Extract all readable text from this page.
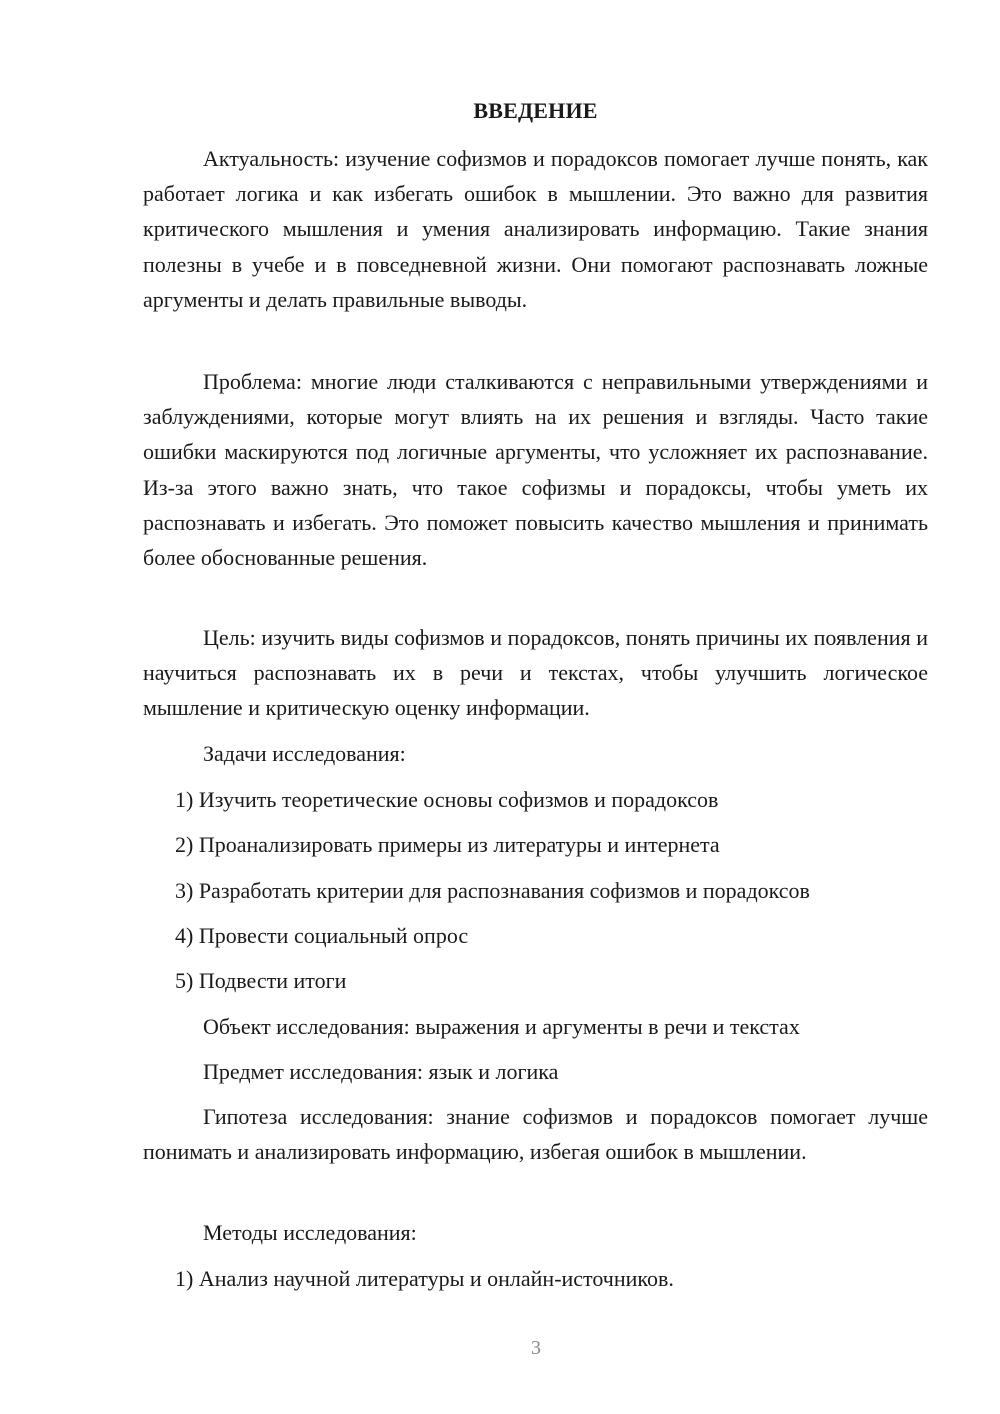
ВВЕДЕНИЕ

Актуальность: изучение софизмов и порадоксов помогает лучше понять, как работает логика и как избегать ошибок в мышлении. Это важно для развития критического мышления и умения анализировать информацию. Такие знания полезны в учебе и в повседневной жизни. Они помогают распознавать ложные аргументы и делать правильные выводы.

Проблема: многие люди сталкиваются с неправильными утверждениями и заблуждениями, которые могут влиять на их решения и взгляды. Часто такие ошибки маскируются под логичные аргументы, что усложняет их распознавание. Из-за этого важно знать, что такое софизмы и порадоксы, чтобы уметь их распознавать и избегать. Это поможет повысить качество мышления и принимать более обоснованные решения.

Цель: изучить виды софизмов и порадоксов, понять причины их появления и научиться распознавать их в речи и текстах, чтобы улучшить логическое мышление и критическую оценку информации.

Задачи исследования:

1) Изучить теоретические основы софизмов и порадоксов

2) Проанализировать примеры из литературы и интернета

3) Разработать критерии для распознавания софизмов и порадоксов

4) Провести социальный опрос

5) Подвести итоги

Объект исследования: выражения и аргументы в речи и текстах

Предмет исследования: язык и логика

Гипотеза исследования: знание софизмов и порадоксов помогает лучше понимать и анализировать информацию, избегая ошибок в мышлении.

Методы исследования:

1) Анализ научной литературы и онлайн-источников.

3
